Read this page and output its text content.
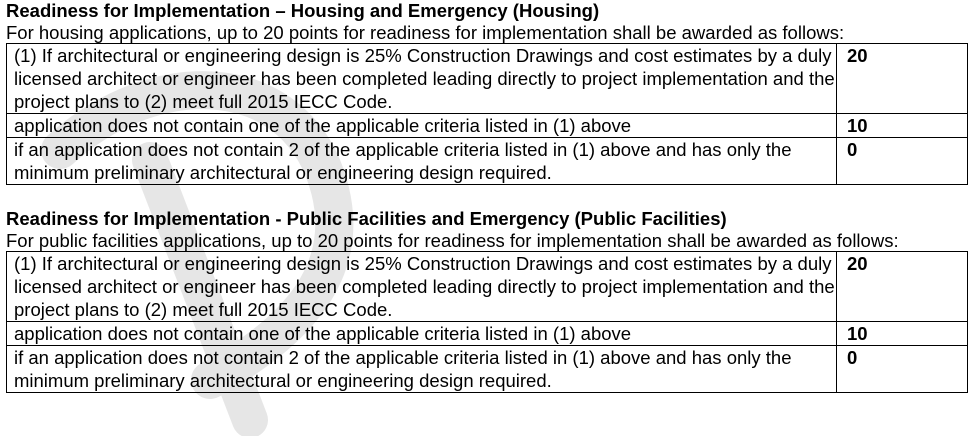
Readiness for Implementation – Housing and Emergency (Housing)

For housing applications, up to 20 points for readiness for implementation shall be awarded as follows:

(1) If architectural or engineering design is 25% Construction Drawings and cost estimates by a duly licensed architect or engineer has been completed leading directly to project implementation and the project plans to (2) meet full 2015 IECC Code.	20
application does not contain one of the applicable criteria listed in (1) above	10
if an application does not contain 2 of the applicable criteria listed in (1) above and has only the minimum preliminary architectural or engineering design required.	0

Readiness for Implementation - Public Facilities and Emergency (Public Facilities)

For public facilities applications, up to 20 points for readiness for implementation shall be awarded as follows:

(1) If architectural or engineering design is 25% Construction Drawings and cost estimates by a duly licensed architect or engineer has been completed leading directly to project implementation and the project plans to (2) meet full 2015 IECC Code.	20
application does not contain one of the applicable criteria listed in (1) above	10
if an application does not contain 2 of the applicable criteria listed in (1) above and has only the minimum preliminary architectural or engineering design required.	0
